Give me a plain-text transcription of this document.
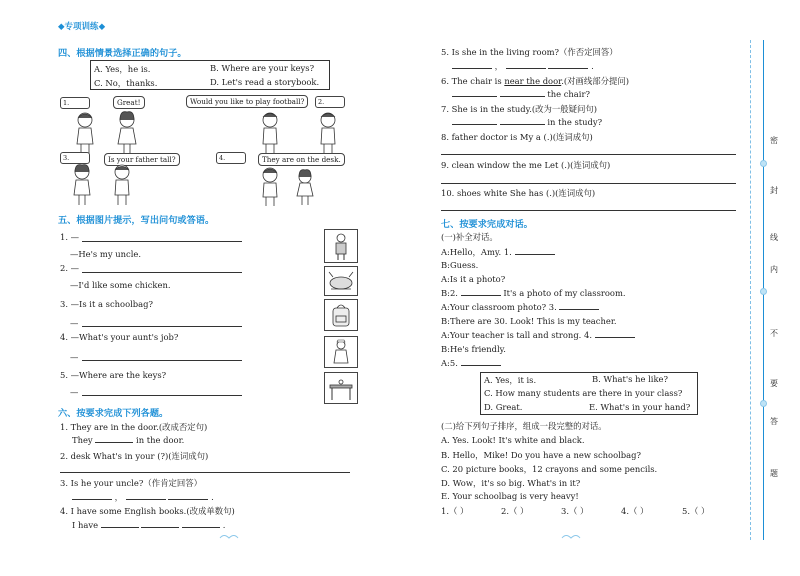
◆专项训练◆
四、根据情景选择正确的句子。
A. Yes，he is.	B. Where are your keys?
C. No，thanks.	D. Let's read a storybook.
1.	Great!	Would you like to play football?	2.
3.	Is your father tall?	4.	They are on the desk.
五、根据图片提示，写出问句或答语。
1. —
—He's my uncle.
2. —
—I'd like some chicken.
3. —Is it a schoolbag?
—
4. —What's your aunt's job?
—
5. —Where are the keys?
—
六、按要求完成下列各题。
1. They are in the door.(改成否定句)
They	in the door.
2. desk What's in your (?)(连词成句)
3. Is he your uncle?（作肯定回答）
，	.
4. I have some English books.(改成单数句)
I have	.
5. Is she in the living room?（作否定回答）
，	.
6. The chair is near the door.(对画线部分提问)
the chair?
7. She is in the study.(改为一般疑问句)
in the study?
8. father doctor is My a (.)(连词成句)
9. clean window the me Let (.)(连词成句)
10. shoes white She has (.)(连词成句)
七、按要求完成对话。
(一)补全对话。
A:Hello，Amy. 1.
B:Guess.
A:Is it a photo?
B:2.	It's a photo of my classroom.
A:Your classroom photo? 3.
B:There are 30. Look! This is my teacher.
A:Your teacher is tall and strong. 4.
B:He's friendly.
A:5.
A. Yes，it is.	B. What's he like?
C. How many students are there in your class?
D. Great.	E. What's in your hand?
(二)给下列句子排序，组成一段完整的对话。
A. Yes. Look! It's white and black.
B. Hello，Mike! Do you have a new schoolbag?
C. 20 picture books，12 crayons and some pencils.
D. Wow，it's so big. What's in it?
E. Your schoolbag is very heavy!
1.（ ）	2.（ ）	3.（ ）	4.（ ）	5.（ ）
密
封
线
内
不
要
答
题
